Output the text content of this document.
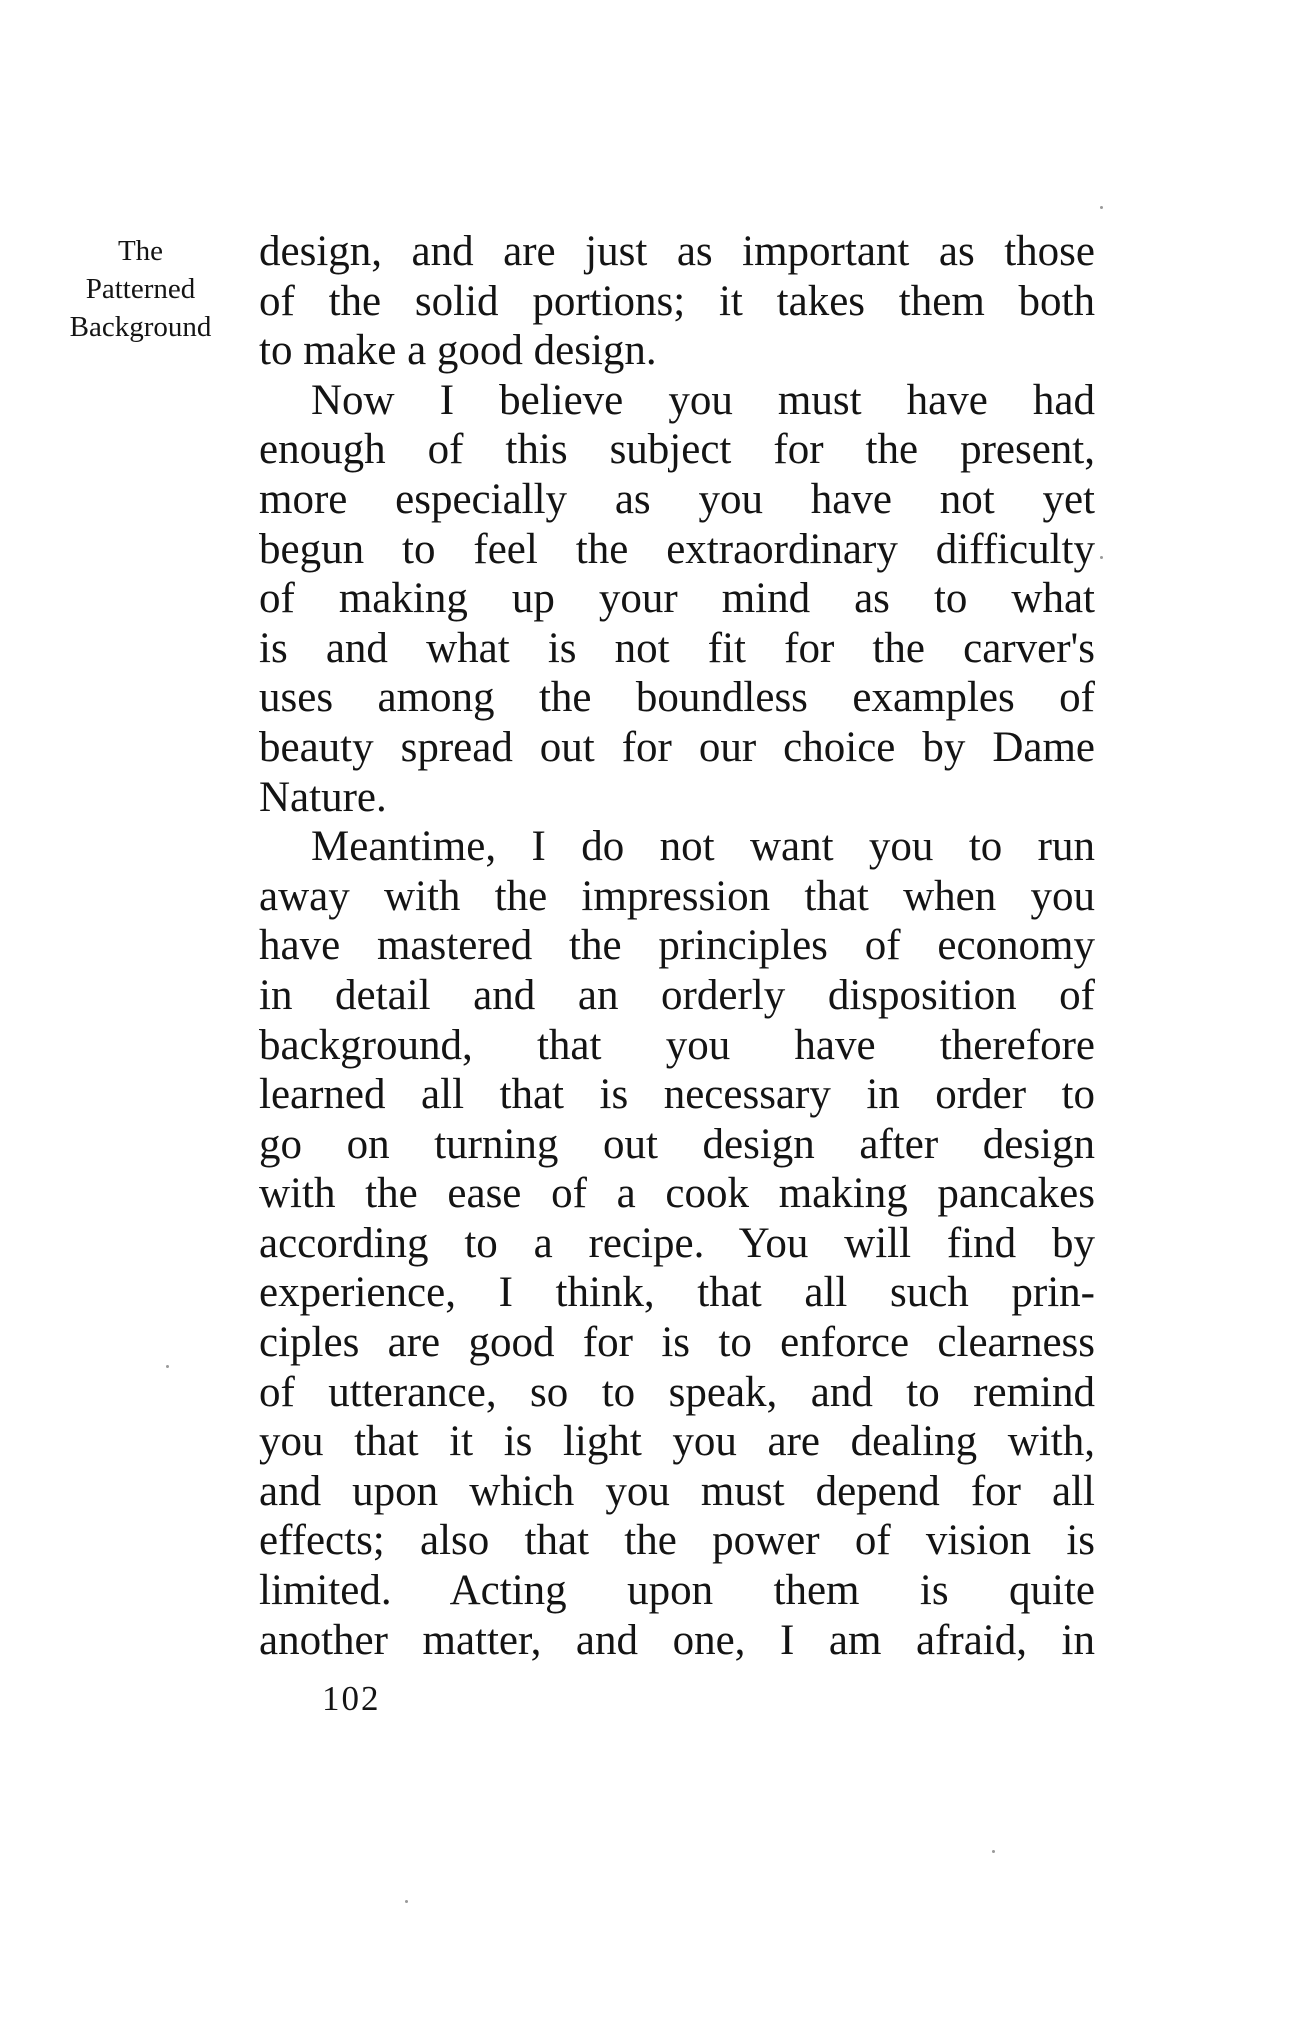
The
Patterned
Background
design, and are just as important as those
of the solid portions; it takes them both
to make a good design.
Now I believe you must have had
enough of this subject for the present,
more especially as you have not yet
begun to feel the extraordinary difficulty
of making up your mind as to what
is and what is not fit for the carver's
uses among the boundless examples of
beauty spread out for our choice by Dame
Nature.
Meantime, I do not want you to run
away with the impression that when you
have mastered the principles of economy
in detail and an orderly disposition of
background, that you have therefore
learned all that is necessary in order to
go on turning out design after design
with the ease of a cook making pancakes
according to a recipe. You will find by
experience, I think, that all such prin-
ciples are good for is to enforce clearness
of utterance, so to speak, and to remind
you that it is light you are dealing with,
and upon which you must depend for all
effects; also that the power of vision is
limited. Acting upon them is quite
another matter, and one, I am afraid, in
102
